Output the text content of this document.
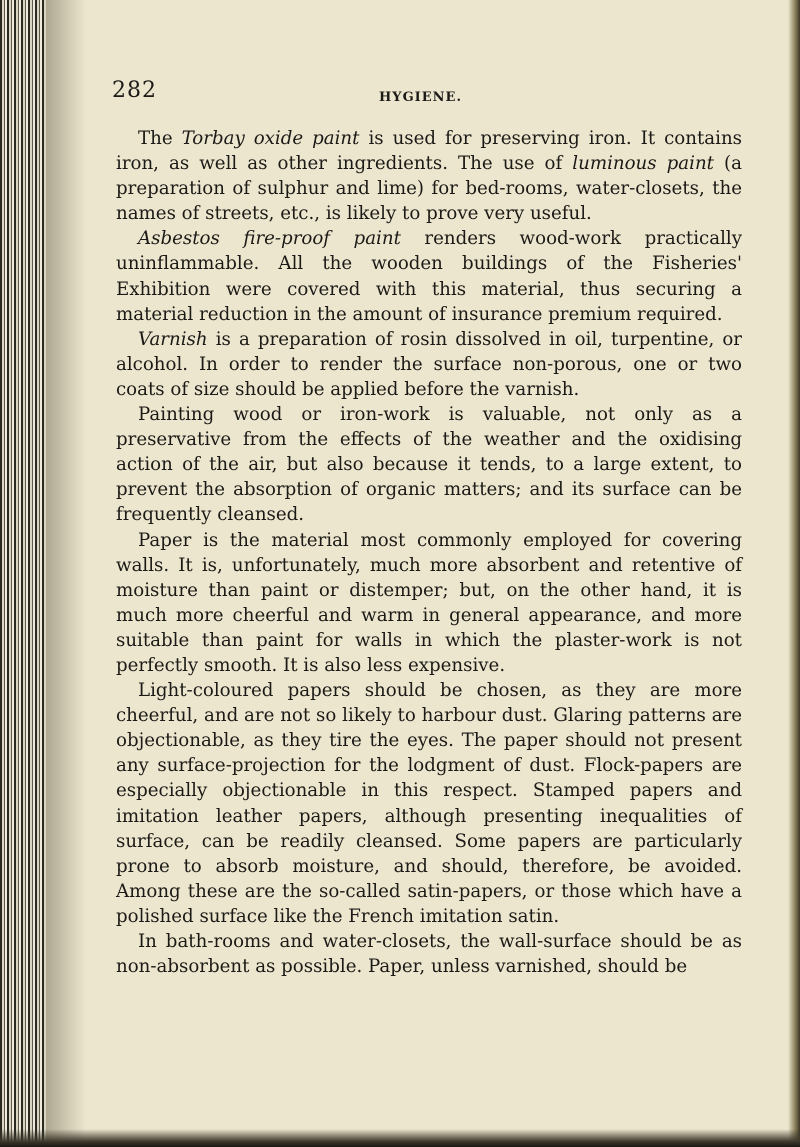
282	HYGIENE.

The Torbay oxide paint is used for preserving iron. It contains iron, as well as other ingredients. The use of luminous paint (a preparation of sulphur and lime) for bed-rooms, water-closets, the names of streets, etc., is likely to prove very useful.

Asbestos fire-proof paint renders wood-work practically uninflammable. All the wooden buildings of the Fisheries' Exhibition were covered with this material, thus securing a material reduction in the amount of insurance premium required.

Varnish is a preparation of rosin dissolved in oil, turpentine, or alcohol. In order to render the surface non-porous, one or two coats of size should be applied before the varnish.

Painting wood or iron-work is valuable, not only as a preservative from the effects of the weather and the oxidising action of the air, but also because it tends, to a large extent, to prevent the absorption of organic matters; and its surface can be frequently cleansed.

Paper is the material most commonly employed for covering walls. It is, unfortunately, much more absorbent and retentive of moisture than paint or distemper; but, on the other hand, it is much more cheerful and warm in general appearance, and more suitable than paint for walls in which the plaster-work is not perfectly smooth. It is also less expensive.

Light-coloured papers should be chosen, as they are more cheerful, and are not so likely to harbour dust. Glaring patterns are objectionable, as they tire the eyes. The paper should not present any surface-projection for the lodgment of dust. Flock-papers are especially objectionable in this respect. Stamped papers and imitation leather papers, although presenting inequalities of surface, can be readily cleansed. Some papers are particularly prone to absorb moisture, and should, therefore, be avoided. Among these are the so-called satin-papers, or those which have a polished surface like the French imitation satin.

In bath-rooms and water-closets, the wall-surface should be as non-absorbent as possible. Paper, unless varnished, should be
